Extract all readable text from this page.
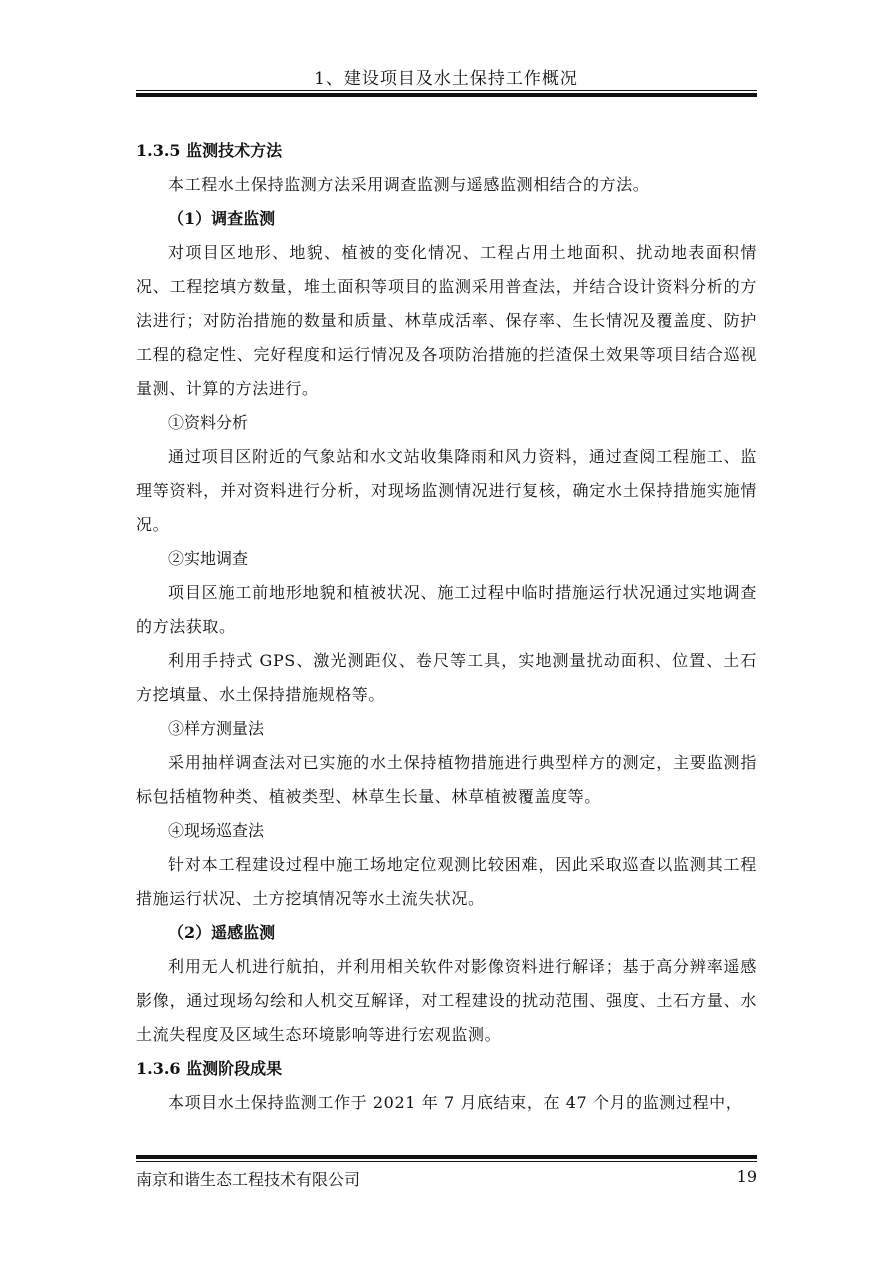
1、建设项目及水土保持工作概况
1.3.5 监测技术方法
本工程水土保持监测方法采用调查监测与遥感监测相结合的方法。
（1）调查监测
对项目区地形、地貌、植被的变化情况、工程占用土地面积、扰动地表面积情况、工程挖填方数量，堆土面积等项目的监测采用普查法，并结合设计资料分析的方法进行；对防治措施的数量和质量、林草成活率、保存率、生长情况及覆盖度、防护工程的稳定性、完好程度和运行情况及各项防治措施的拦渣保土效果等项目结合巡视量测、计算的方法进行。
①资料分析
通过项目区附近的气象站和水文站收集降雨和风力资料，通过查阅工程施工、监理等资料，并对资料进行分析，对现场监测情况进行复核，确定水土保持措施实施情况。
②实地调查
项目区施工前地形地貌和植被状况、施工过程中临时措施运行状况通过实地调查的方法获取。
利用手持式 GPS、激光测距仪、卷尺等工具，实地测量扰动面积、位置、土石方挖填量、水土保持措施规格等。
③样方测量法
采用抽样调查法对已实施的水土保持植物措施进行典型样方的测定，主要监测指标包括植物种类、植被类型、林草生长量、林草植被覆盖度等。
④现场巡查法
针对本工程建设过程中施工场地定位观测比较困难，因此采取巡查以监测其工程措施运行状况、土方挖填情况等水土流失状况。
（2）遥感监测
利用无人机进行航拍，并利用相关软件对影像资料进行解译；基于高分辨率遥感影像，通过现场勾绘和人机交互解译，对工程建设的扰动范围、强度、土石方量、水土流失程度及区域生态环境影响等进行宏观监测。
1.3.6 监测阶段成果
本项目水土保持监测工作于 2021 年 7 月底结束，在 47 个月的监测过程中，
南京和谐生态工程技术有限公司	19
